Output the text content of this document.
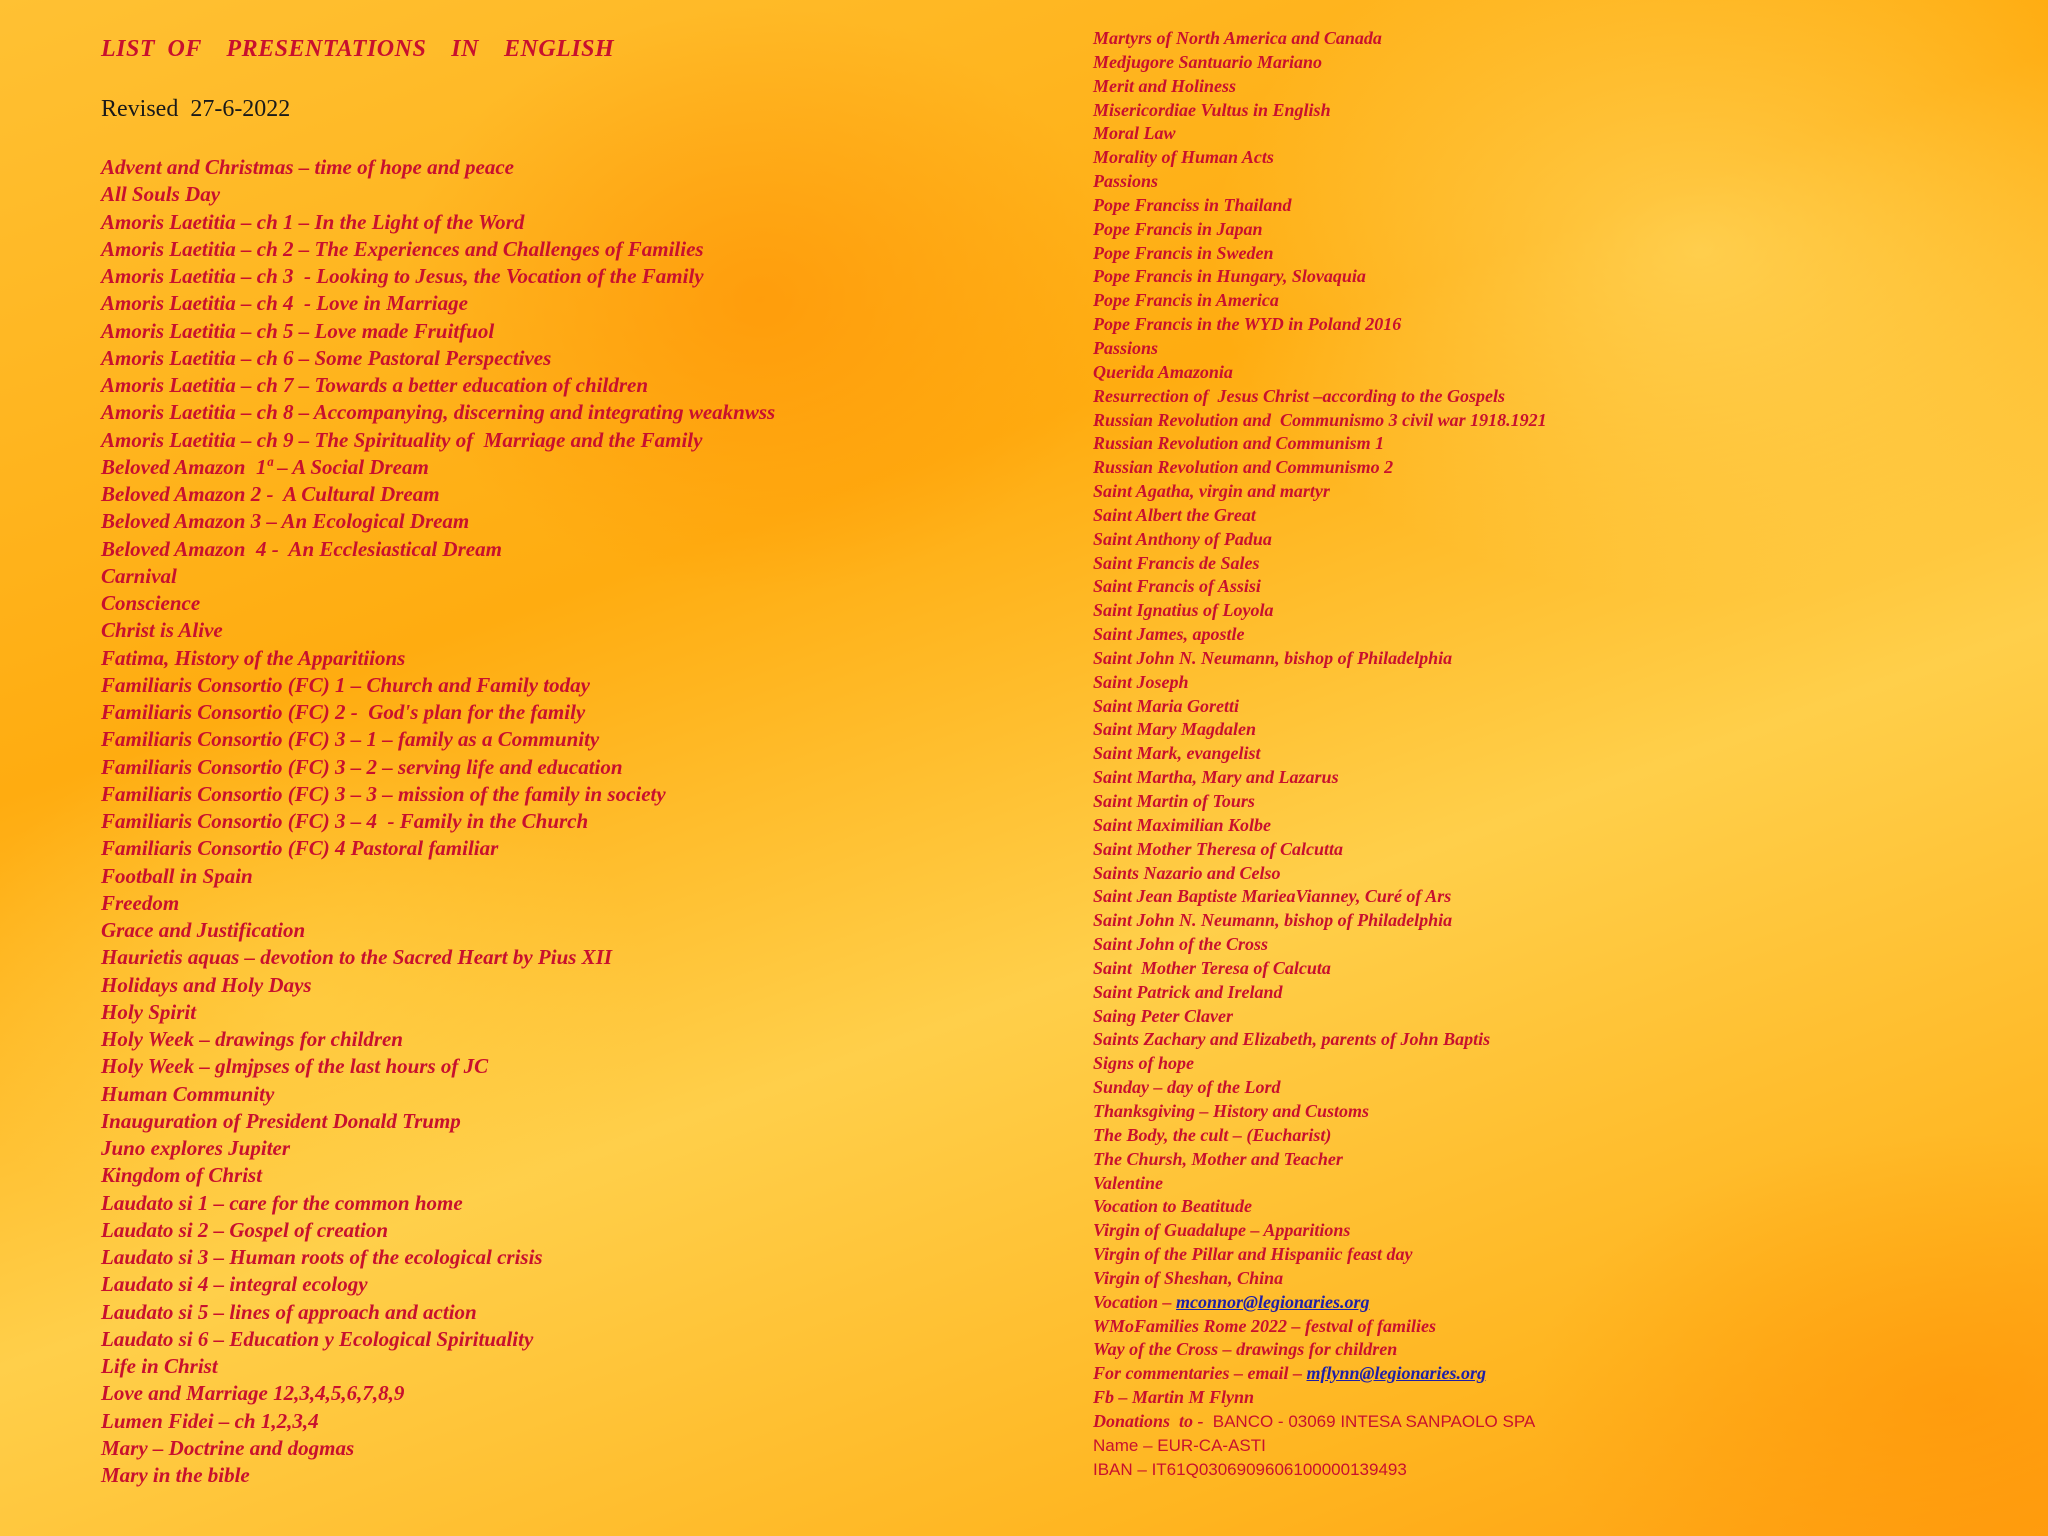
LIST OF  PRESENTATIONS  IN  ENGLISH
Revised  27-6-2022
Advent and Christmas – time of hope and peace
All Souls Day
Amoris Laetitia – ch 1 – In the Light of the Word
Amoris Laetitia – ch 2 – The Experiences and Challenges of Families
Amoris Laetitia – ch 3  - Looking to Jesus, the Vocation of the Family
Amoris Laetitia – ch 4  - Love in Marriage
Amoris Laetitia – ch 5 – Love made Fruitfuol
Amoris Laetitia – ch 6 – Some Pastoral Perspectives
Amoris Laetitia – ch 7 – Towards a better education of children
Amoris Laetitia – ch 8 – Accompanying, discerning and integrating weaknwss
Amoris Laetitia – ch 9 – The Spirituality of  Marriage and the Family
Beloved Amazon  1ª – A Social Dream
Beloved Amazon 2 -  A Cultural Dream
Beloved Amazon 3 – An Ecological Dream
Beloved Amazon  4 -  An Ecclesiastical Dream
Carnival
Conscience
Christ is Alive
Fatima, History of the Apparitiions
Familiaris Consortio (FC) 1 – Church and Family today
Familiaris Consortio (FC) 2 -  God's plan for the family
Familiaris Consortio (FC) 3 – 1 – family as a Community
Familiaris Consortio (FC) 3 – 2 – serving life and education
Familiaris Consortio (FC) 3 – 3 – mission of the family in society
Familiaris Consortio (FC) 3 – 4  - Family in the Church
Familiaris Consortio (FC) 4 Pastoral familiar
Football in Spain
Freedom
Grace and Justification
Haurietis aquas – devotion to the Sacred Heart by Pius XII
Holidays and Holy Days
Holy Spirit
Holy Week – drawings for children
Holy Week – glmjpses of the last hours of JC
Human Community
Inauguration of President Donald Trump
Juno explores Jupiter
Kingdom of Christ
Laudato si 1 – care for the common home
Laudato si 2 – Gospel of creation
Laudato si 3 – Human roots of the ecological crisis
Laudato si 4 – integral ecology
Laudato si 5 – lines of approach and action
Laudato si 6 – Education y Ecological Spirituality
Life in Christ
Love and Marriage 12,3,4,5,6,7,8,9
Lumen Fidei – ch 1,2,3,4
Mary – Doctrine and dogmas
Mary in the bible
Martyrs of North America and Canada
Medjugore Santuario Mariano
Merit and Holiness
Misericordiae Vultus in English
Moral Law
Morality of Human Acts
Passions
Pope Franciss in Thailand
Pope Francis in Japan
Pope Francis in Sweden
Pope Francis in Hungary, Slovaquia
Pope Francis in America
Pope Francis in the WYD in Poland 2016
Passions
Querida Amazonia
Resurrection of  Jesus Christ –according to the Gospels
Russian Revolution and  Communismo 3 civil war 1918.1921
Russian Revolution and Communism 1
Russian Revolution and Communismo 2
Saint Agatha, virgin and martyr
Saint Albert the Great
Saint Anthony of Padua
Saint Francis de Sales
Saint Francis of Assisi
Saint Ignatius of Loyola
Saint James, apostle
Saint John N. Neumann, bishop of Philadelphia
Saint Joseph
Saint Maria Goretti
Saint Mary Magdalen
Saint Mark, evangelist
Saint Martha, Mary and Lazarus
Saint Martin of Tours
Saint Maximilian Kolbe
Saint Mother Theresa of Calcutta
Saints Nazario and Celso
Saint Jean Baptiste MarieaVianney, Curé of Ars
Saint John N. Neumann, bishop of Philadelphia
Saint John of the Cross
Saint  Mother Teresa of Calcuta
Saint Patrick and Ireland
Saing Peter Claver
Saints Zachary and Elizabeth, parents of John Baptis
Signs of hope
Sunday – day of the Lord
Thanksgiving – History and Customs
The Body, the cult – (Eucharist)
The Chursh, Mother and Teacher
Valentine
Vocation to Beatitude
Virgin of Guadalupe – Apparitions
Virgin of the Pillar and Hispaniic feast day
Virgin of Sheshan, China
Vocation – mconnor@legionaries.org
WMoFamilies Rome 2022 – festval of families
Way of the Cross – drawings for children
For commentaries – email – mflynn@legionaries.org
Fb – Martin M Flynn
Donations  to -  BANCO - 03069 INTESA SANPAOLO SPA
Name – EUR-CA-ASTI
IBAN – IT61Q0306909606100000139493
